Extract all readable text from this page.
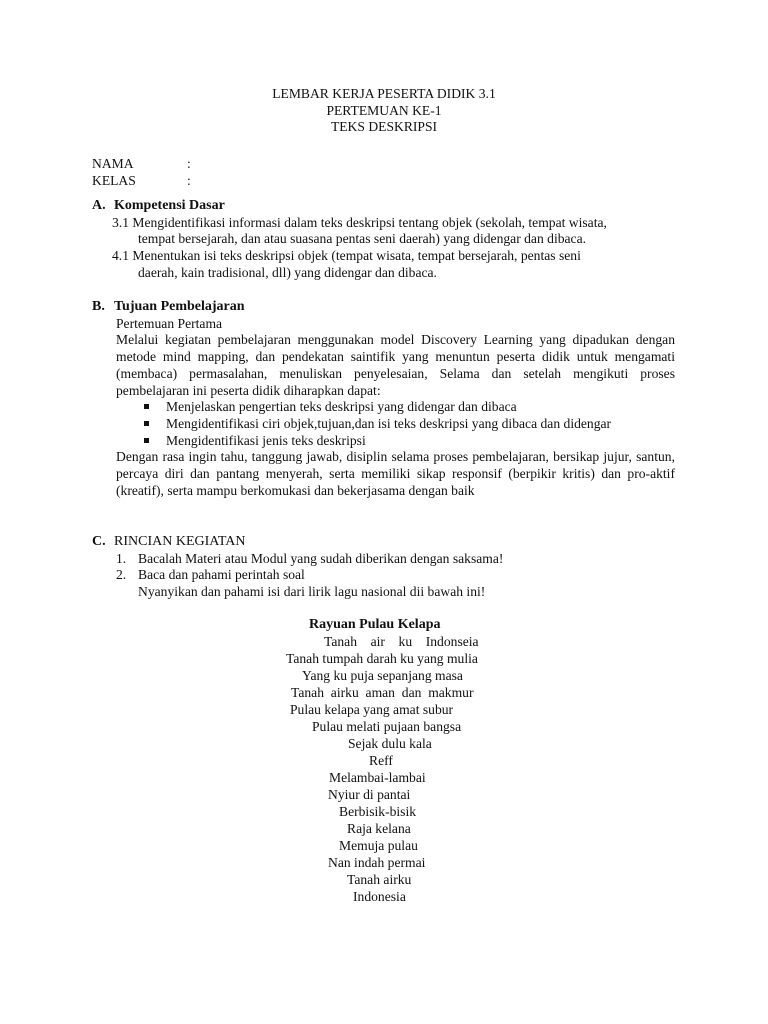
LEMBAR KERJA PESERTA DIDIK 3.1
PERTEMUAN KE-1
TEKS DESKRIPSI
NAMA	:
KELAS	:
A. Kompetensi Dasar
3.1 Mengidentifikasi informasi dalam teks deskripsi tentang objek (sekolah, tempat wisata,
tempat bersejarah, dan atau suasana pentas seni daerah) yang didengar dan dibaca.
4.1 Menentukan isi teks deskripsi objek (tempat wisata, tempat bersejarah, pentas seni
daerah, kain tradisional, dll) yang didengar dan dibaca.
B. Tujuan Pembelajaran
Pertemuan Pertama
Melalui kegiatan pembelajaran menggunakan model Discovery Learning yang dipadukan dengan metode mind mapping, dan pendekatan saintifik yang menuntun peserta didik untuk mengamati (membaca) permasalahan, menuliskan penyelesaian, Selama dan setelah mengikuti proses pembelajaran ini peserta didik diharapkan dapat:
Menjelaskan pengertian teks deskripsi yang didengar dan dibaca
Mengidentifikasi ciri objek,tujuan,dan isi teks deskripsi yang dibaca dan didengar
Mengidentifikasi jenis teks deskripsi
Dengan rasa ingin tahu, tanggung jawab, disiplin selama proses pembelajaran, bersikap jujur, santun, percaya diri dan pantang menyerah, serta memiliki sikap responsif (berpikir kritis) dan pro-aktif (kreatif), serta mampu berkomukasi dan bekerjasama dengan baik
C. RINCIAN KEGIATAN
1. Bacalah Materi atau Modul yang sudah diberikan dengan saksama!
2. Baca dan pahami perintah soal
Nyanyikan dan pahami isi dari lirik lagu nasional dii bawah ini!
Rayuan Pulau Kelapa
Tanah    air    ku    Indonseia
Tanah tumpah darah ku yang mulia
Yang ku puja sepanjang masa
Tanah  airku  aman  dan  makmur
Pulau kelapa yang amat subur
Pulau melati pujaan bangsa
Sejak dulu kala
Reff
Melambai-lambai
Nyiur di pantai
Berbisik-bisik
Raja kelana
Memuja pulau
Nan indah permai
Tanah airku
Indonesia
